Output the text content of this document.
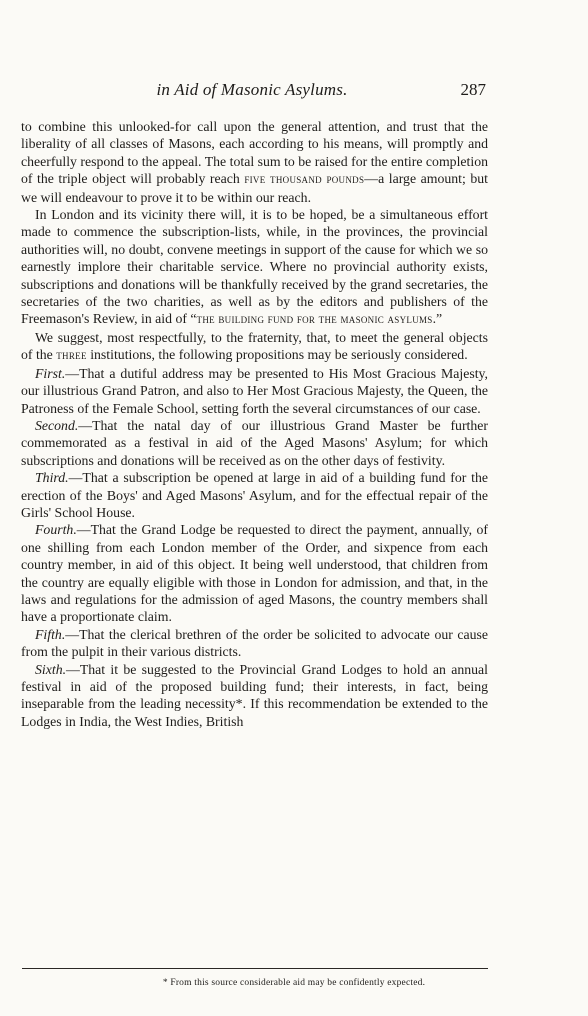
in Aid of Masonic Asylums.	287

to combine this unlooked-for call upon the general attention, and trust that the liberality of all classes of Masons, each according to his means, will promptly and cheerfully respond to the appeal. The total sum to be raised for the entire completion of the triple object will probably reach five thousand pounds—a large amount; but we will endeavour to prove it to be within our reach.

In London and its vicinity there will, it is to be hoped, be a simultaneous effort made to commence the subscription-lists, while, in the provinces, the provincial authorities will, no doubt, convene meetings in support of the cause for which we so earnestly implore their charitable service. Where no provincial authority exists, subscriptions and donations will be thankfully received by the grand secretaries, the secretaries of the two charities, as well as by the editors and publishers of the Freemason's Review, in aid of “the building fund for the masonic asylums.”

We suggest, most respectfully, to the fraternity, that, to meet the general objects of the three institutions, the following propositions may be seriously considered.

First.—That a dutiful address may be presented to His Most Gracious Majesty, our illustrious Grand Patron, and also to Her Most Gracious Majesty, the Queen, the Patroness of the Female School, setting forth the several circumstances of our case.

Second.—That the natal day of our illustrious Grand Master be further commemorated as a festival in aid of the Aged Masons' Asylum; for which subscriptions and donations will be received as on the other days of festivity.

Third.—That a subscription be opened at large in aid of a building fund for the erection of the Boys' and Aged Masons' Asylum, and for the effectual repair of the Girls' School House.

Fourth.—That the Grand Lodge be requested to direct the payment, annually, of one shilling from each London member of the Order, and sixpence from each country member, in aid of this object. It being well understood, that children from the country are equally eligible with those in London for admission, and that, in the laws and regulations for the admission of aged Masons, the country members shall have a proportionate claim.

Fifth.—That the clerical brethren of the order be solicited to advocate our cause from the pulpit in their various districts.

Sixth.—That it be suggested to the Provincial Grand Lodges to hold an annual festival in aid of the proposed building fund; their interests, in fact, being inseparable from the leading necessity*. If this recommendation be extended to the Lodges in India, the West Indies, British

* From this source considerable aid may be confidently expected.
